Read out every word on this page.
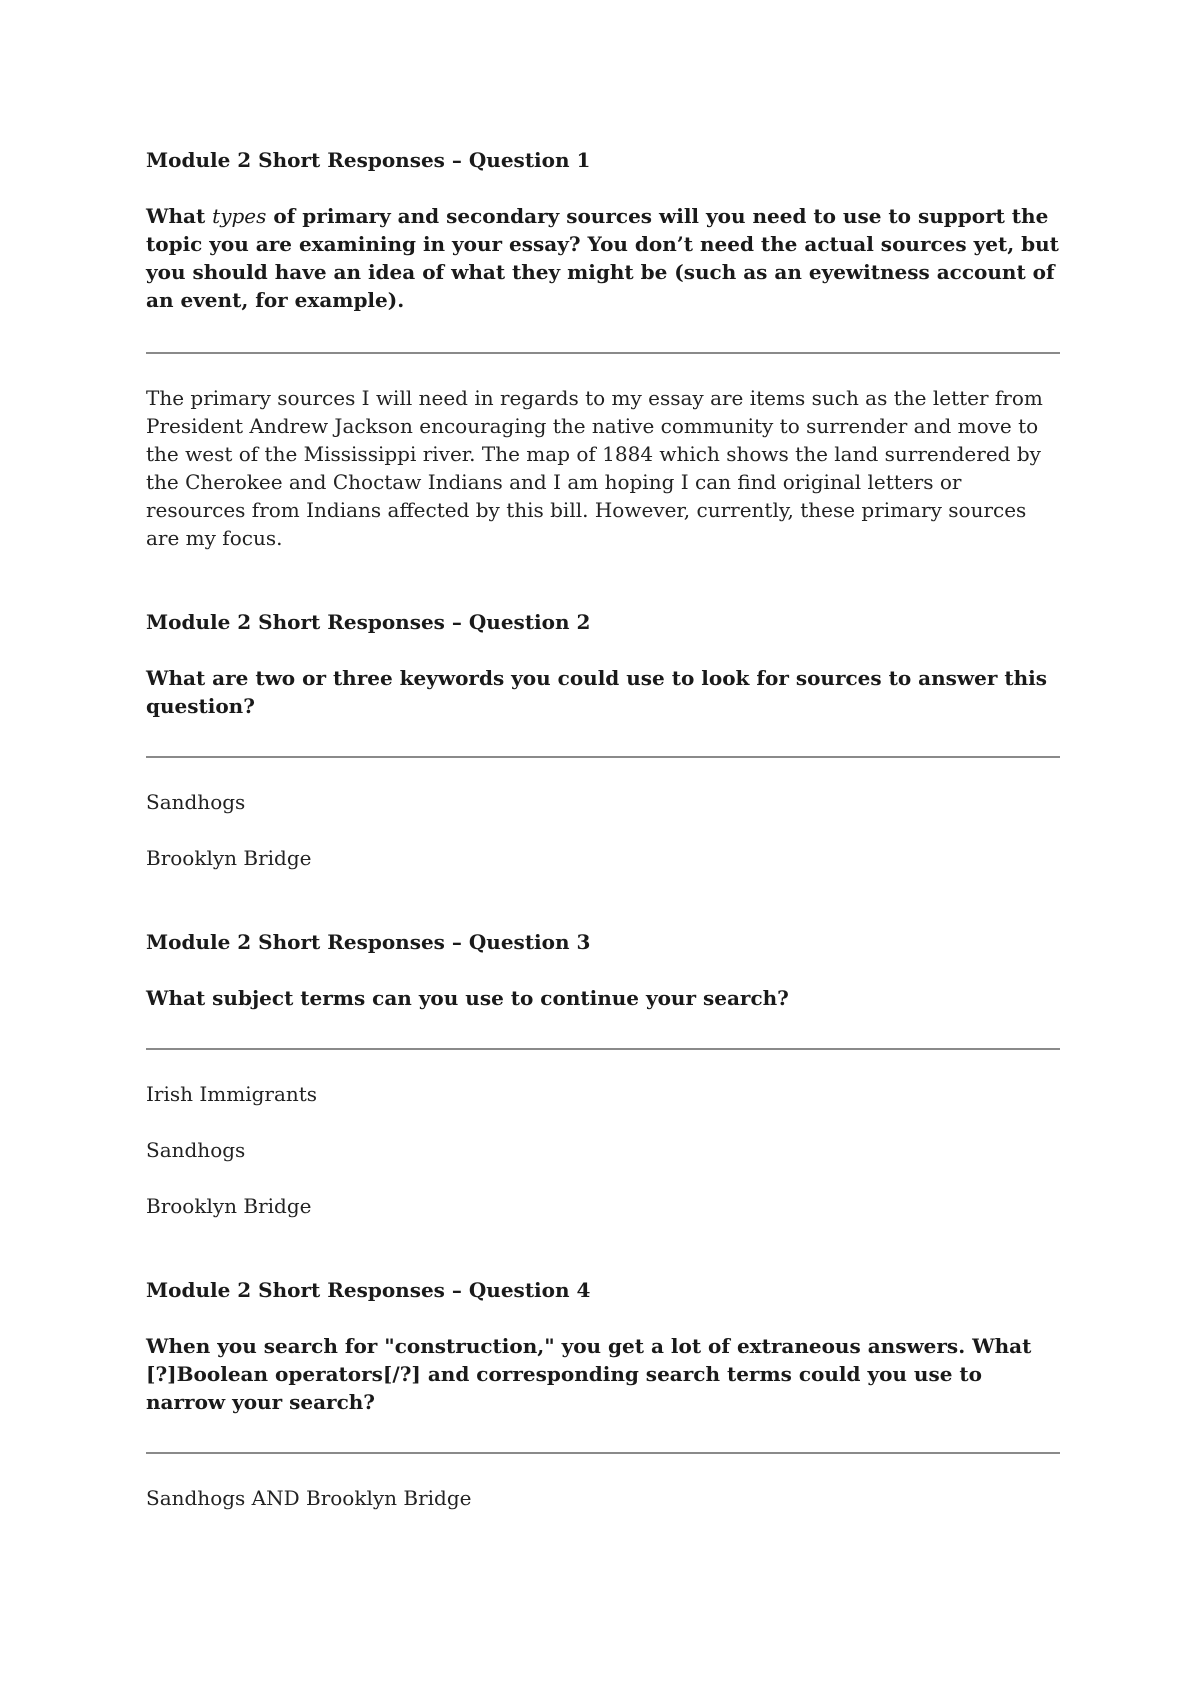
Module 2 Short Responses – Question 1

What types of primary and secondary sources will you need to use to support the topic you are examining in your essay? You don’t need the actual sources yet, but you should have an idea of what they might be (such as an eyewitness account of an event, for example).

The primary sources I will need in regards to my essay are items such as the letter from President Andrew Jackson encouraging the native community to surrender and move to the west of the Mississippi river. The map of 1884 which shows the land surrendered by the Cherokee and Choctaw Indians and I am hoping I can find original letters or resources from Indians affected by this bill. However, currently, these primary sources are my focus.

Module 2 Short Responses – Question 2

What are two or three keywords you could use to look for sources to answer this question?

Sandhogs

Brooklyn Bridge

Module 2 Short Responses – Question 3

What subject terms can you use to continue your search?

Irish Immigrants

Sandhogs

Brooklyn Bridge

Module 2 Short Responses – Question 4

When you search for "construction," you get a lot of extraneous answers. What [?]Boolean operators[/?] and corresponding search terms could you use to narrow your search?

Sandhogs AND Brooklyn Bridge
